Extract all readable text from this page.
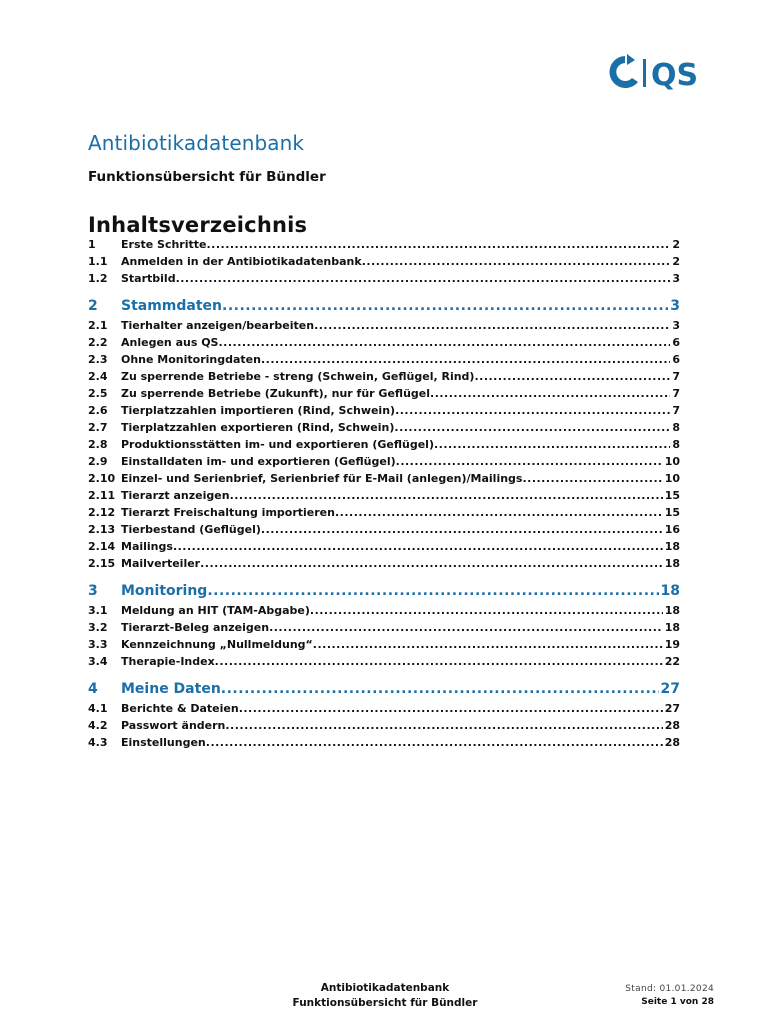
QS
Antibiotikadatenbank
Funktionsübersicht für Bündler
Inhaltsverzeichnis
1	Erste Schritte .....	2
1.1	Anmelden in der Antibiotikadatenbank .....	2
1.2	Startbild .....	3
2	Stammdaten .....	3
2.1	Tierhalter anzeigen/bearbeiten .....	3
2.2	Anlegen aus QS .....	6
2.3	Ohne Monitoringdaten .....	6
2.4	Zu sperrende Betriebe - streng (Schwein, Geflügel, Rind) .....	7
2.5	Zu sperrende Betriebe (Zukunft), nur für Geflügel .....	7
2.6	Tierplatzzahlen importieren (Rind, Schwein) .....	7
2.7	Tierplatzzahlen exportieren (Rind, Schwein) .....	8
2.8	Produktionsstätten im- und exportieren (Geflügel) .....	8
2.9	Einstalldaten im- und exportieren (Geflügel) .....	10
2.10 Einzel- und Serienbrief, Serienbrief für E-Mail (anlegen)/Mailings .....	10
2.11 Tierarzt anzeigen .....	15
2.12 Tierarzt Freischaltung importieren .....	15
2.13 Tierbestand (Geflügel) .....	16
2.14 Mailings .....	18
2.15 Mailverteiler .....	18
3	Monitoring .....	18
3.1	Meldung an HIT (TAM-Abgabe) .....	18
3.2	Tierarzt-Beleg anzeigen .....	18
3.3	Kennzeichnung „Nullmeldung“ .....	19
3.4	Therapie-Index .....	22
4	Meine Daten .....	27
4.1	Berichte & Dateien .....	27
4.2	Passwort ändern .....	28
4.3	Einstellungen .....	28
Antibiotikadatenbank
Funktionsübersicht für Bündler
Stand: 01.01.2024
Seite 1 von 28
